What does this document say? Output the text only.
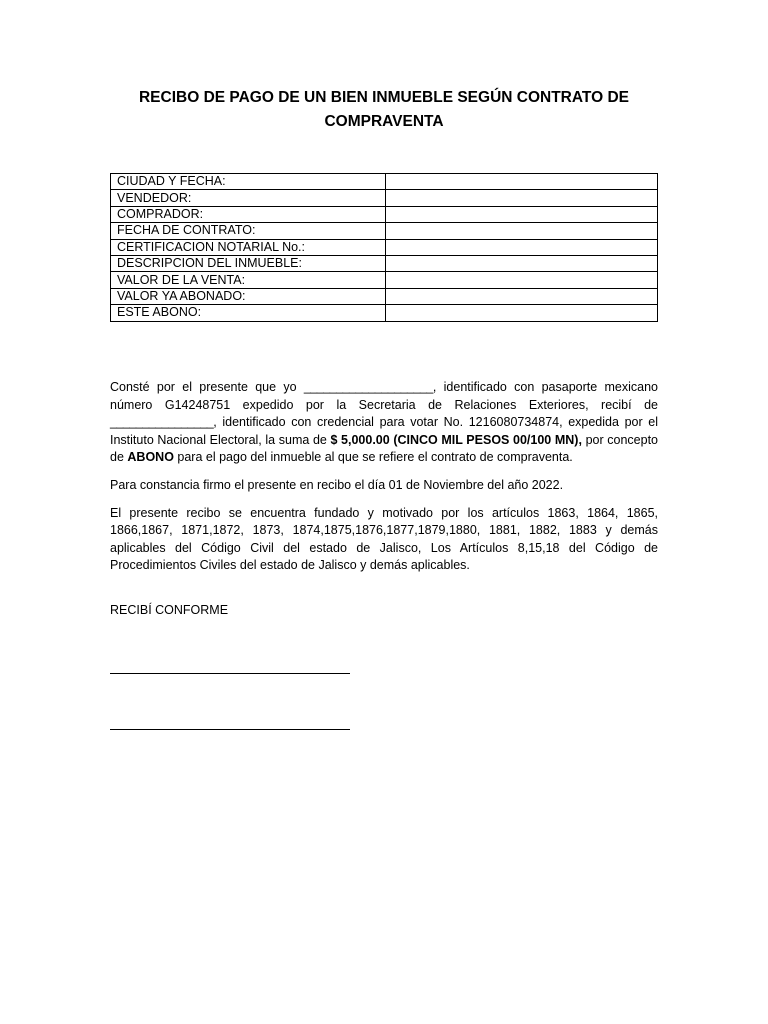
RECIBO DE PAGO DE UN BIEN INMUEBLE SEGÚN CONTRATO DE COMPRAVENTA
CIUDAD Y FECHA:	
VENDEDOR:	
COMPRADOR:	
FECHA DE CONTRATO:	
CERTIFICACION NOTARIAL No.:	
DESCRIPCION DEL INMUEBLE:	
VALOR DE LA VENTA:	
VALOR YA ABONADO:	
ESTE ABONO:	

Consté por el presente que yo ____________________, identificado con pasaporte mexicano número G14248751 expedido por la Secretaria de Relaciones Exteriores, recibí de ________________, identificado con credencial para votar No. 1216080734874, expedida por el Instituto Nacional Electoral, la suma de $ 5,000.00 (CINCO MIL PESOS 00/100 MN), por concepto de ABONO para el pago del inmueble al que se refiere el contrato de compraventa.

Para constancia firmo el presente en recibo el día 01 de Noviembre del año 2022.

El presente recibo se encuentra fundado y motivado por los artículos 1863, 1864, 1865, 1866,1867, 1871,1872, 1873, 1874,1875,1876,1877,1879,1880, 1881, 1882, 1883 y demás aplicables del Código Civil del estado de Jalisco, Los Artículos 8,15,18 del Código de Procedimientos Civiles del estado de Jalisco y demás aplicables.

RECIBÍ CONFORME
